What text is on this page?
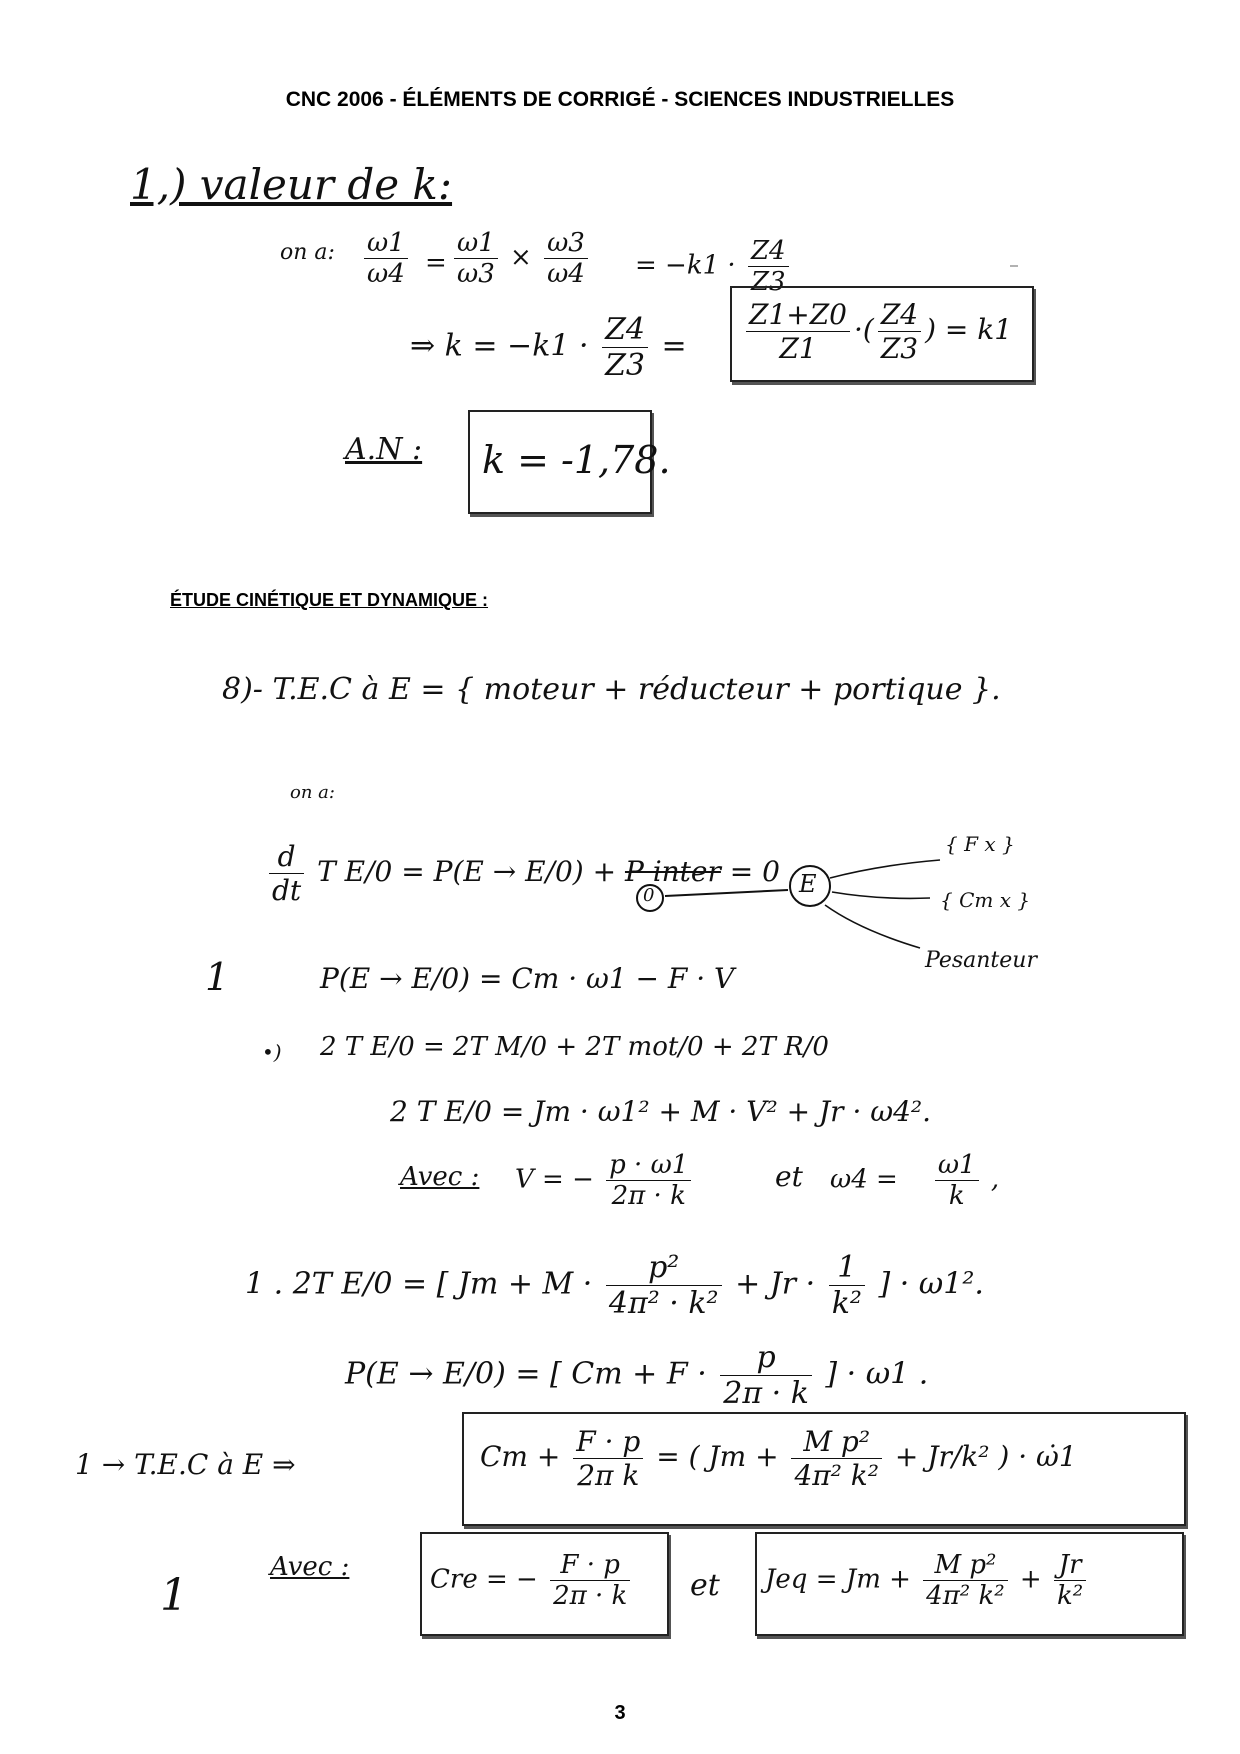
CNC 2006 - ÉLÉMENTS DE CORRIGÉ - SCIENCES INDUSTRIELLES
1,) valeur de k:
on a: $\frac{\omega 1}{\omega 4} = \frac{\omega 1}{\omega 3} \times \frac{\omega 3}{\omega 4} = -k1 \cdot \frac{Z4}{Z3}$
⇒ $k = -k1 \cdot \frac{Z4}{Z3} = \frac{Z1+Z0}{Z1}$ ·( $\frac{Z4}{Z3}$ ) = k1
A.N : k = -1,78.
ÉTUDE CINÉTIQUE ET DYNAMIQUE :
8)- T.E.C à E = { moteur + réducteur + portique }.
on a:
$\frac{d}{dt}$ T E/0 = P(E → E/0) + P inter = 0 E
0
{ F x }
{ Cm x }
Pesanteur
1	P(E → E/0) = Cm · ω1 − F · V
•) 2 T E/0 = 2T M/0 + 2T mot/0 + 2T R/0
2 T E/0 = Jm · ω1² + M · V² + Jr · ω4².
Avec : V = − $\frac{p \cdot \omega 1}{2\pi \cdot k}$	et $\omega 4 = \frac{\omega 1}{k}$ ,
1 . 2T E/0 = [ $Jm + M \cdot \frac{\text{p²}}{\text{4π² · k²}} + Jr \cdot \frac{1}{\text{k²}}$ ] · ω1².
P(E → E/0) = [ $Cm + F \cdot \frac{p}{2\pi \cdot k}$ ] · ω1 .
1 → T.E.C à E ⇒	$Cm + \frac{F \cdot p}{\text{2π k}}$ = ( $Jm + \frac{\text{M p²}}{\text{4π² k²}} + Jr/k^2$ ) · ω̇1
1
Avec :	Cre = − $\frac{F \cdot p}{2\pi \cdot k}$ et Jeq = $Jm + \frac{\text{M p²}}{\text{4π² k²}} + \frac{Jr}{\text{k²}}$
3
